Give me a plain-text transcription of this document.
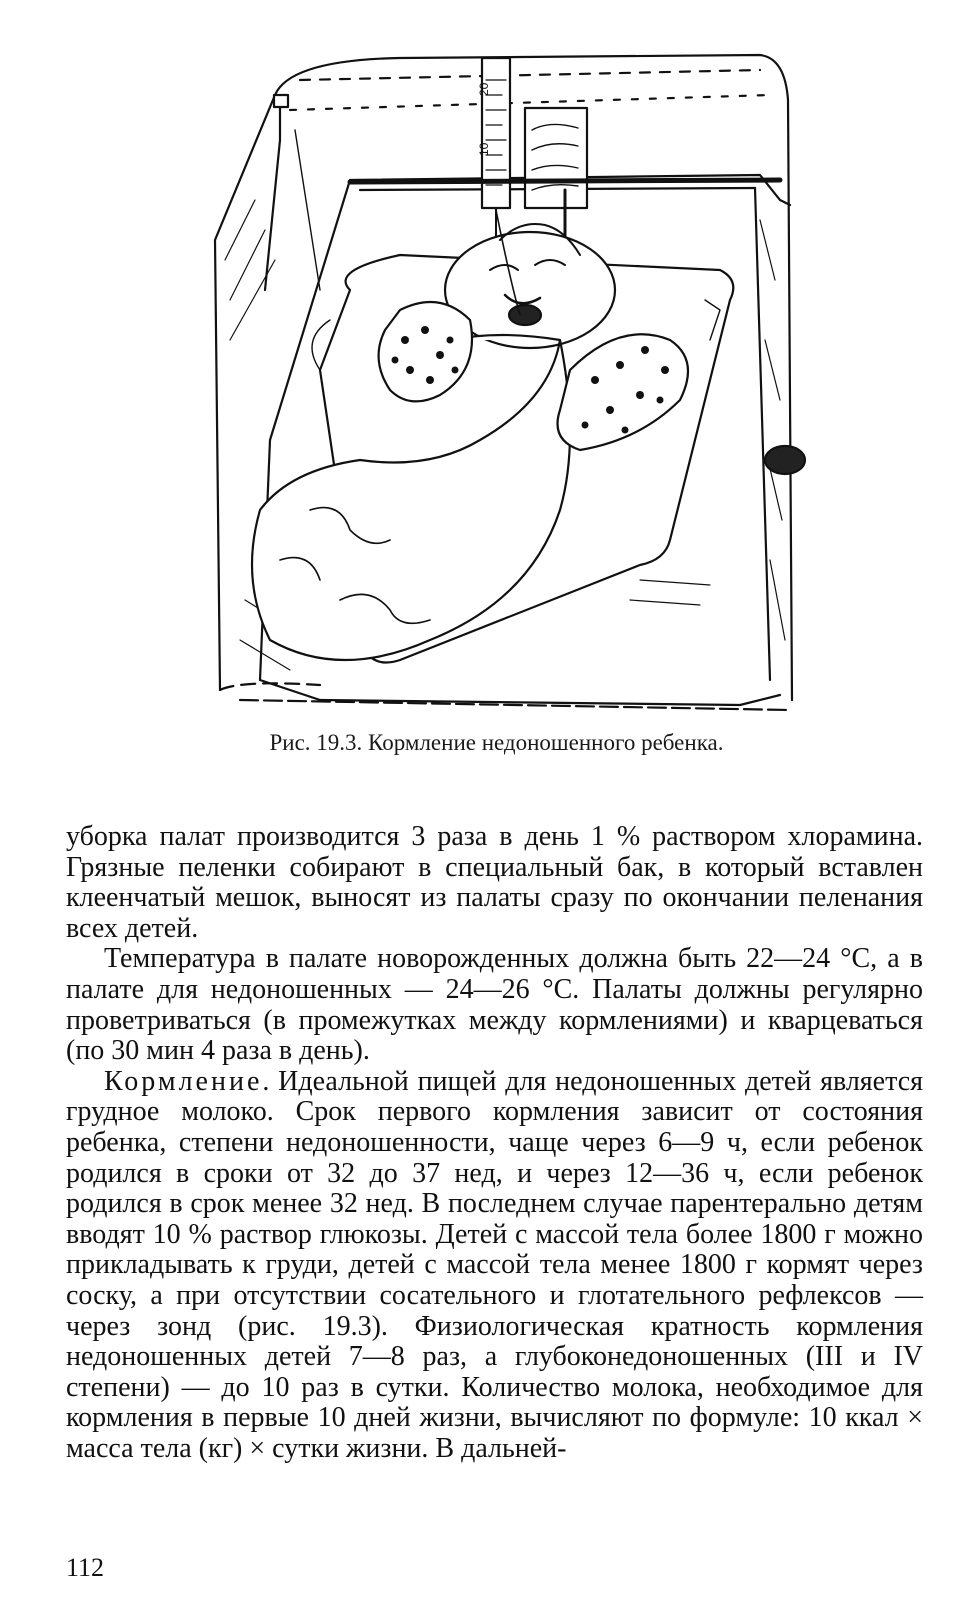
20
10
Рис. 19.3. Кормление недоношенного ребенка.

уборка палат производится 3 раза в день 1 % раствором хлорамина. Грязные пеленки собирают в специальный бак, в который вставлен клеенчатый мешок, выносят из палаты сразу по окончании пеленания всех детей.

Температура в палате новорожденных должна быть 22—24 °С, а в палате для недоношенных — 24—26 °С. Палаты должны регулярно проветриваться (в промежутках между кормлениями) и кварцеваться (по 30 мин 4 раза в день).

Кормление. Идеальной пищей для недоношенных детей является грудное молоко. Срок первого кормления зависит от состояния ребенка, степени недоношенности, чаще через 6—9 ч, если ребенок родился в сроки от 32 до 37 нед, и через 12—36 ч, если ребенок родился в срок менее 32 нед. В последнем случае парентерально детям вводят 10 % раствор глюкозы. Детей с массой тела более 1800 г можно прикладывать к груди, детей с массой тела менее 1800 г кормят через соску, а при отсутствии сосательного и глотательного рефлексов — через зонд (рис. 19.3). Физиологическая кратность кормления недоношенных детей 7—8 раз, а глубоконедоношенных (III и IV степени) — до 10 раз в сутки. Количество молока, необходимое для кормления в первые 10 дней жизни, вычисляют по формуле: 10 ккал × масса тела (кг) × сутки жизни. В дальней-

112
